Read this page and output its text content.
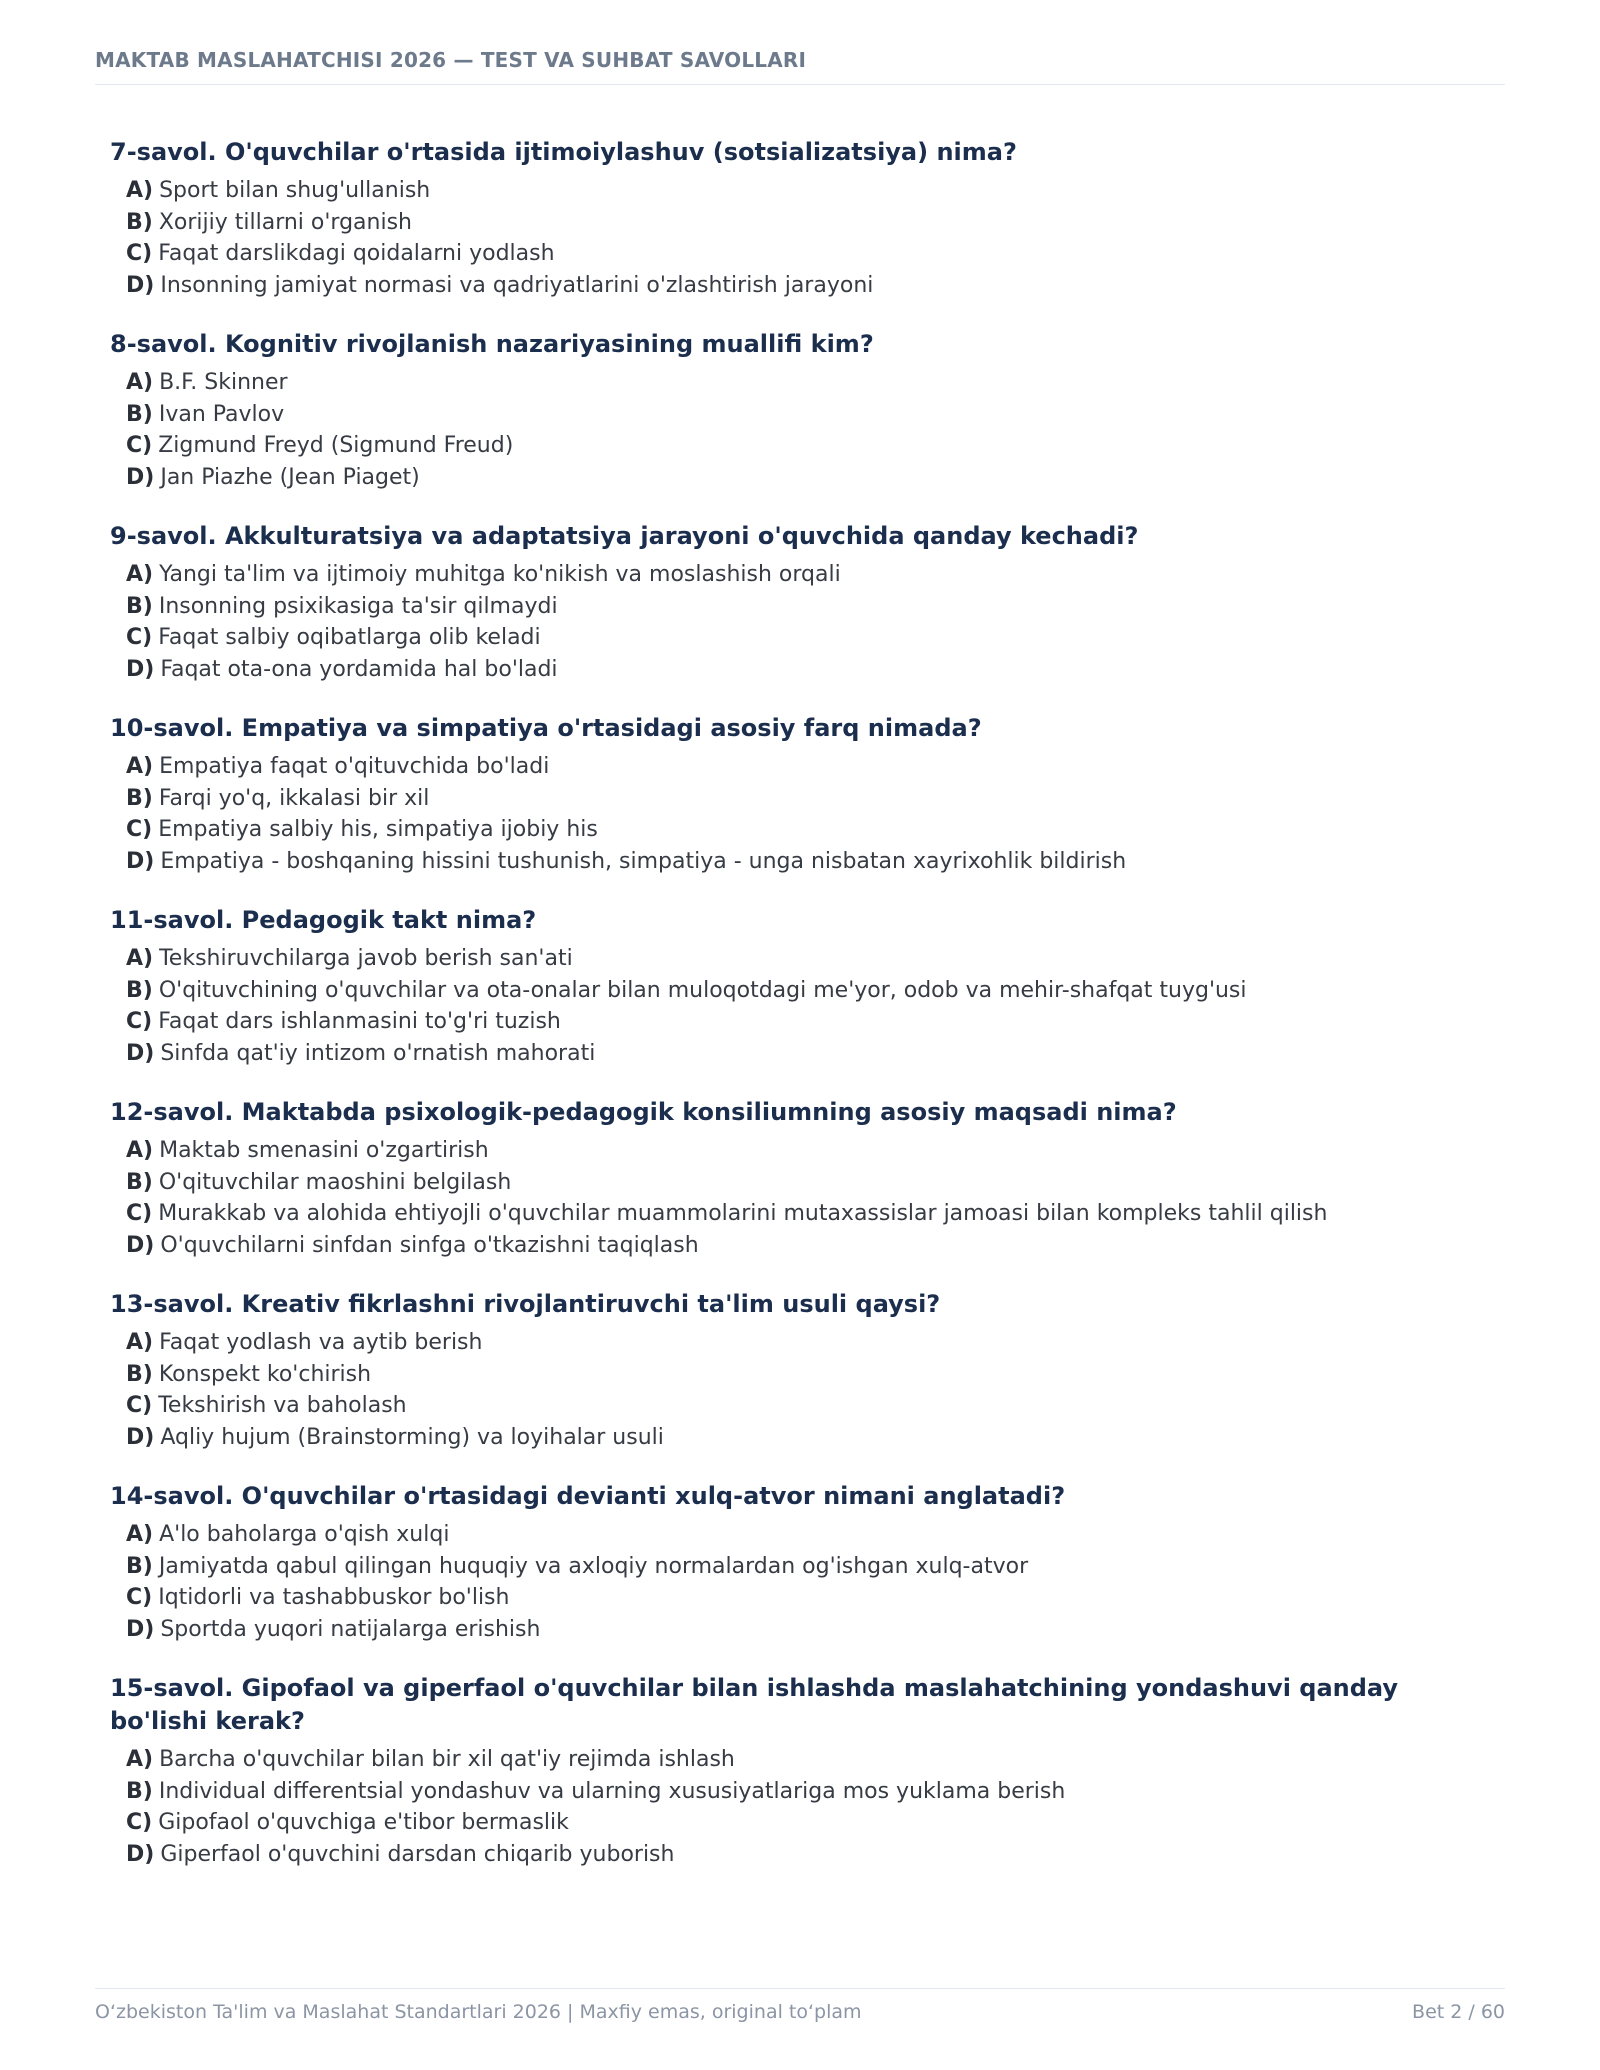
MAKTAB MASLAHATCHISI 2026 — TEST VA SUHBAT SAVOLLARI
7-savol. O'quvchilar o'rtasida ijtimoiylashuv (sotsializatsiya) nima?
A) Sport bilan shug'ullanish
B) Xorijiy tillarni o'rganish
C) Faqat darslikdagi qoidalarni yodlash
D) Insonning jamiyat normasi va qadriyatlarini o'zlashtirish jarayoni
8-savol. Kognitiv rivojlanish nazariyasining muallifi kim?
A) B.F. Skinner
B) Ivan Pavlov
C) Zigmund Freyd (Sigmund Freud)
D) Jan Piazhe (Jean Piaget)
9-savol. Akkulturatsiya va adaptatsiya jarayoni o'quvchida qanday kechadi?
A) Yangi ta'lim va ijtimoiy muhitga ko'nikish va moslashish orqali
B) Insonning psixikasiga ta'sir qilmaydi
C) Faqat salbiy oqibatlarga olib keladi
D) Faqat ota-ona yordamida hal bo'ladi
10-savol. Empatiya va simpatiya o'rtasidagi asosiy farq nimada?
A) Empatiya faqat o'qituvchida bo'ladi
B) Farqi yo'q, ikkalasi bir xil
C) Empatiya salbiy his, simpatiya ijobiy his
D) Empatiya - boshqaning hissini tushunish, simpatiya - unga nisbatan xayrixohlik bildirish
11-savol. Pedagogik takt nima?
A) Tekshiruvchilarga javob berish san'ati
B) O'qituvchining o'quvchilar va ota-onalar bilan muloqotdagi me'yor, odob va mehir-shafqat tuyg'usi
C) Faqat dars ishlanmasini to'g'ri tuzish
D) Sinfda qat'iy intizom o'rnatish mahorati
12-savol. Maktabda psixologik-pedagogik konsiliumning asosiy maqsadi nima?
A) Maktab smenasini o'zgartirish
B) O'qituvchilar maoshini belgilash
C) Murakkab va alohida ehtiyojli o'quvchilar muammolarini mutaxassislar jamoasi bilan kompleks tahlil qilish
D) O'quvchilarni sinfdan sinfga o'tkazishni taqiqlash
13-savol. Kreativ fikrlashni rivojlantiruvchi ta'lim usuli qaysi?
A) Faqat yodlash va aytib berish
B) Konspekt ko'chirish
C) Tekshirish va baholash
D) Aqliy hujum (Brainstorming) va loyihalar usuli
14-savol. O'quvchilar o'rtasidagi devianti xulq-atvor nimani anglatadi?
A) A'lo baholarga o'qish xulqi
B) Jamiyatda qabul qilingan huquqiy va axloqiy normalardan og'ishgan xulq-atvor
C) Iqtidorli va tashabbuskor bo'lish
D) Sportda yuqori natijalarga erishish
15-savol. Gipofaol va giperfaol o'quvchilar bilan ishlashda maslahatchining yondashuvi qanday bo'lishi kerak?
A) Barcha o'quvchilar bilan bir xil qat'iy rejimda ishlash
B) Individual differentsial yondashuv va ularning xususiyatlariga mos yuklama berish
C) Gipofaol o'quvchiga e'tibor bermaslik
D) Giperfaol o'quvchini darsdan chiqarib yuborish
O‘zbekiston Ta'lim va Maslahat Standartlari 2026 | Maxfiy emas, original to‘plam	Bet 2 / 60
